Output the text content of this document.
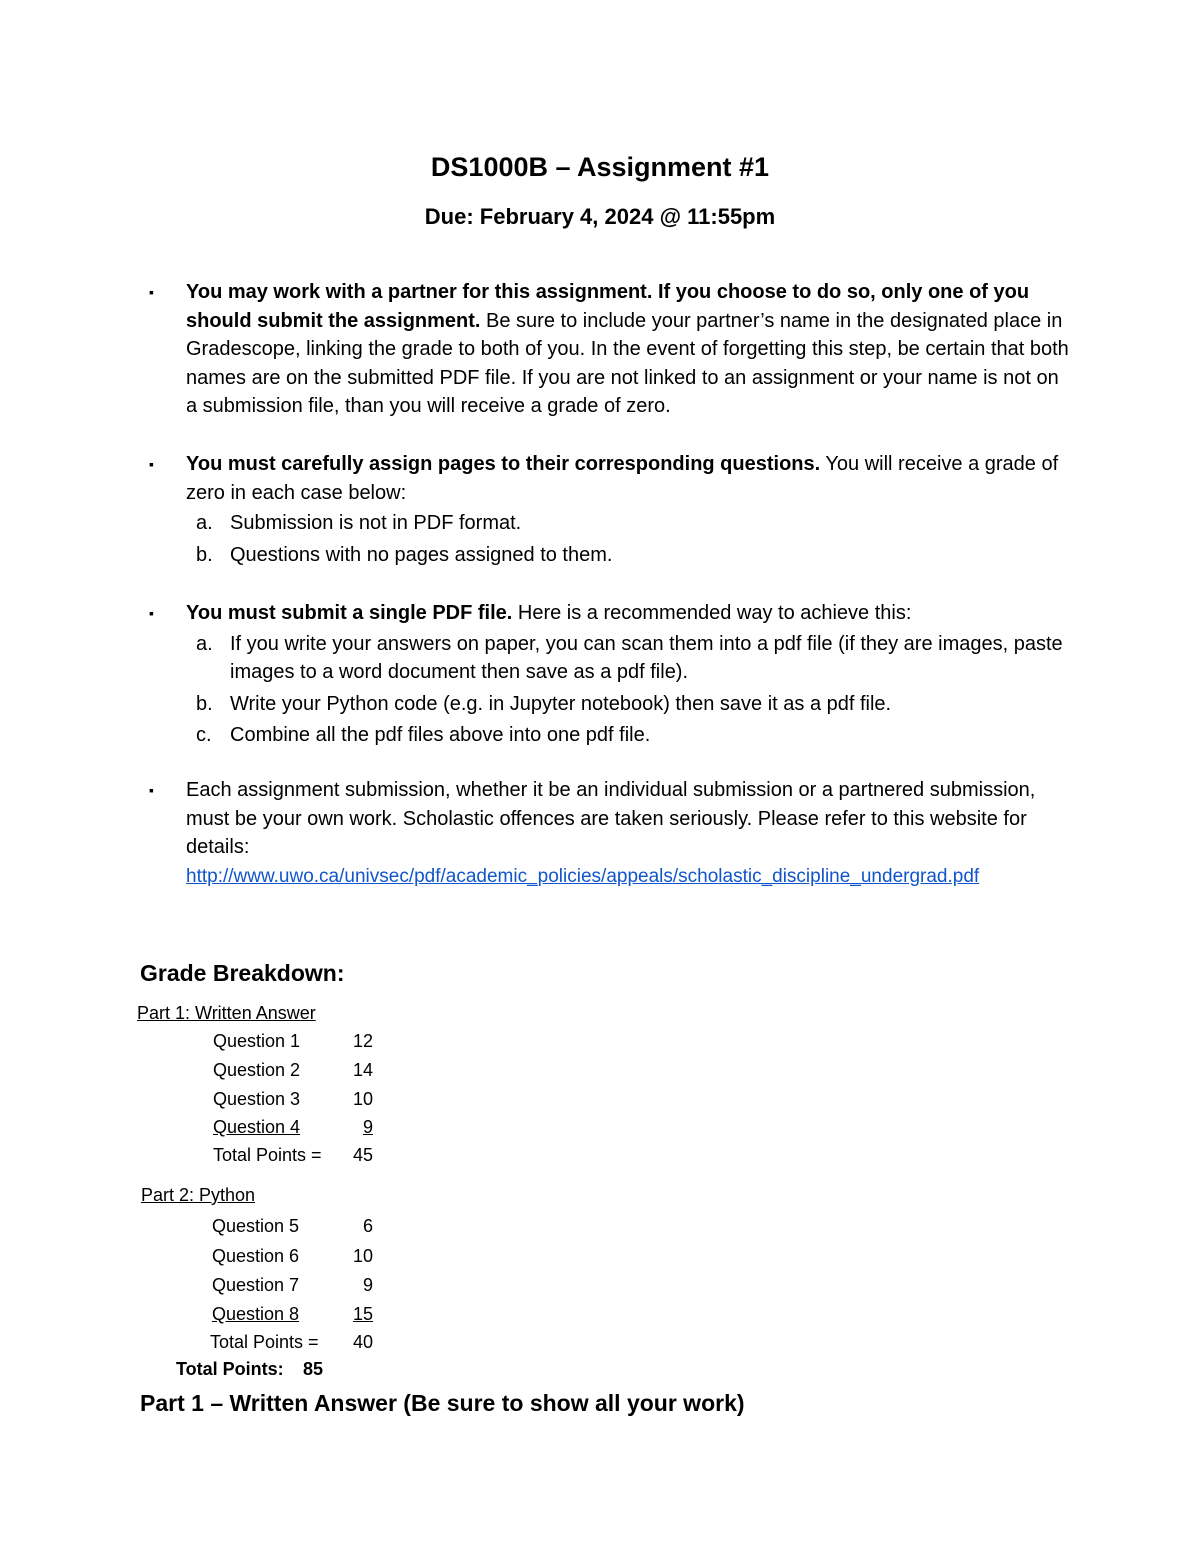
DS1000B – Assignment #1
Due: February 4, 2024 @ 11:55pm
▪ You may work with a partner for this assignment. If you choose to do so, only one of you should submit the assignment. Be sure to include your partner’s name in the designated place in Gradescope, linking the grade to both of you. In the event of forgetting this step, be certain that both names are on the submitted PDF file. If you are not linked to an assignment or your name is not on a submission file, than you will receive a grade of zero.
▪ You must carefully assign pages to their corresponding questions. You will receive a grade of zero in each case below:
a. Submission is not in PDF format.
b. Questions with no pages assigned to them.
▪ You must submit a single PDF file. Here is a recommended way to achieve this:
a. If you write your answers on paper, you can scan them into a pdf file (if they are images, paste images to a word document then save as a pdf file).
b. Write your Python code (e.g. in Jupyter notebook) then save it as a pdf file.
c. Combine all the pdf files above into one pdf file.
▪ Each assignment submission, whether it be an individual submission or a partnered submission, must be your own work. Scholastic offences are taken seriously. Please refer to this website for details:
http://www.uwo.ca/univsec/pdf/academic_policies/appeals/scholastic_discipline_undergrad.pdf
Grade Breakdown:
Part 1: Written Answer
Question 1	12
Question 2	14
Question 3	10
Question 4	9
Total Points =	45
Part 2: Python
Question 5	6
Question 6	10
Question 7	9
Question 8	15
Total Points =	40
Total Points: 85
Part 1 – Written Answer (Be sure to show all your work)
